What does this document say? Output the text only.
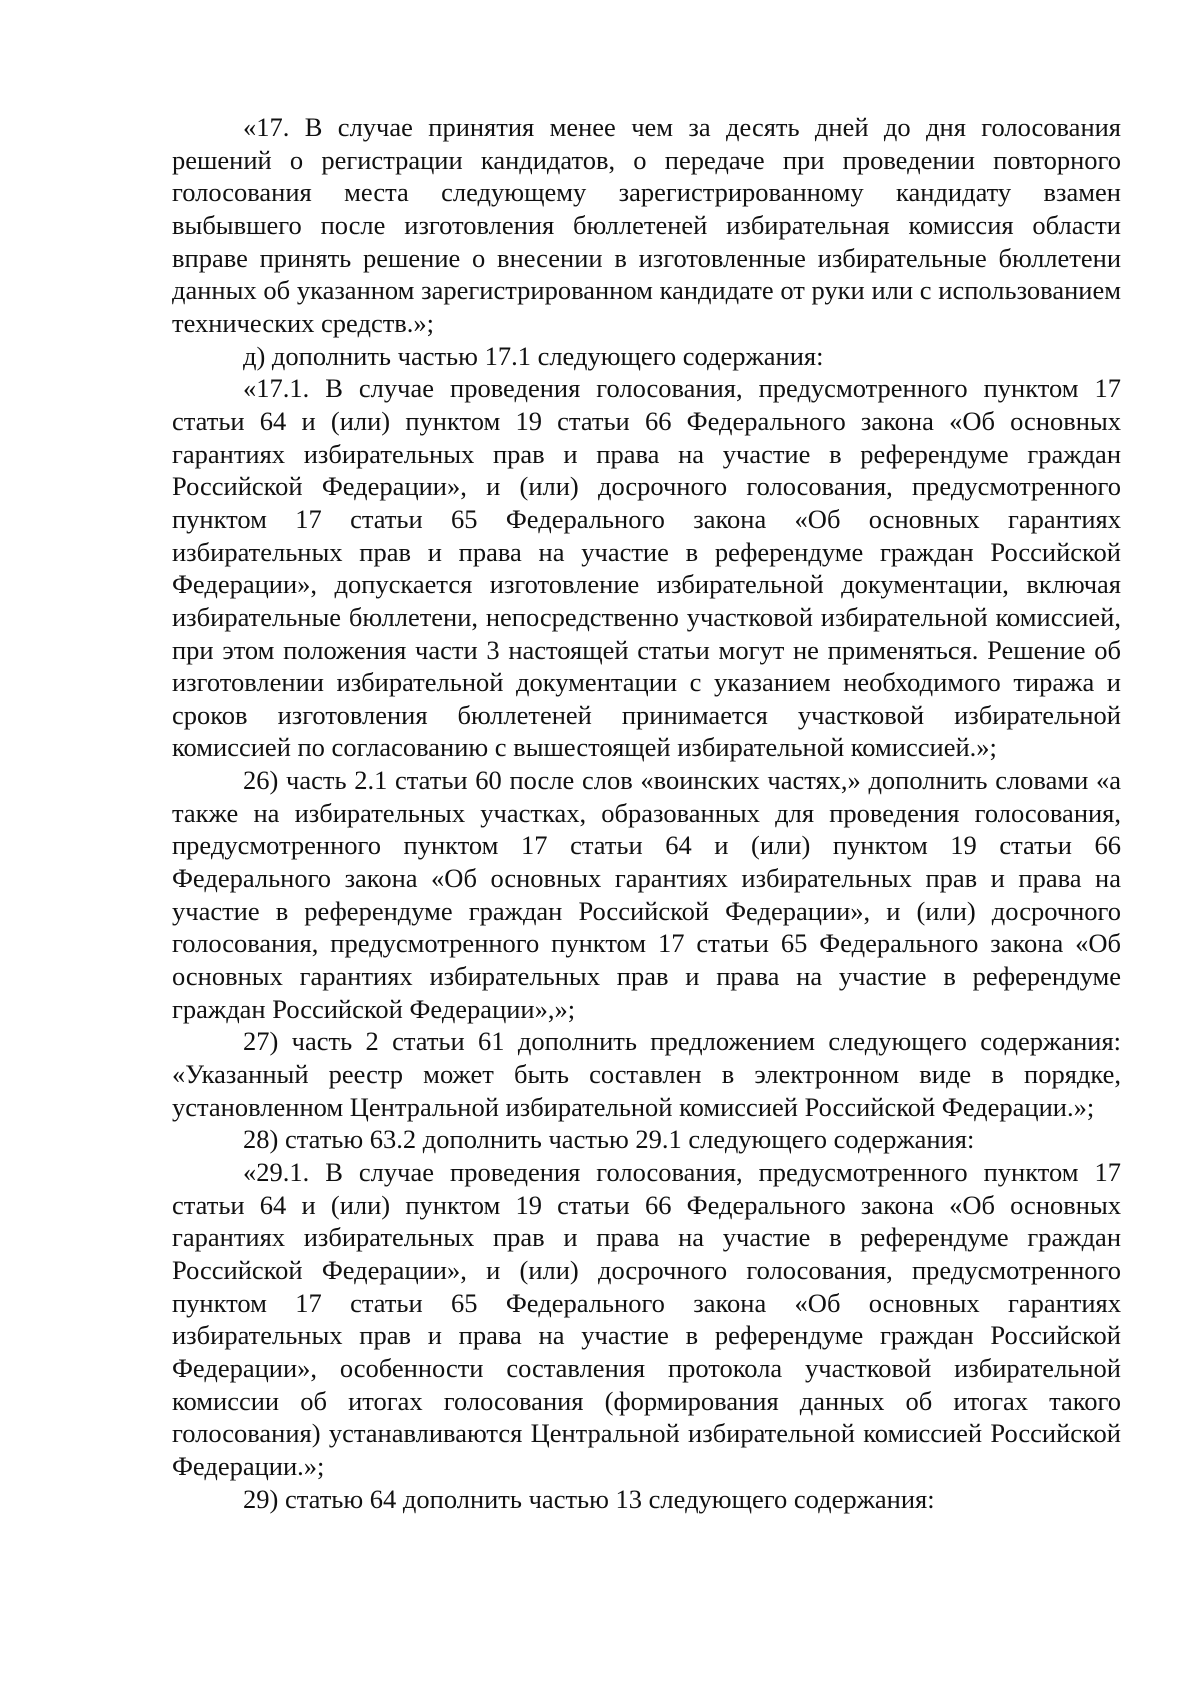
«17. В случае принятия менее чем за десять дней до дня голосования решений о регистрации кандидатов, о передаче при проведении повторного голосования места следующему зарегистрированному кандидату взамен выбывшего после изготовления бюллетеней избирательная комиссия области вправе принять решение о внесении в изготовленные избирательные бюллетени данных об указанном зарегистрированном кандидате от руки или с использованием технических средств.»;

д) дополнить частью 17.1 следующего содержания:

«17.1. В случае проведения голосования, предусмотренного пунктом 17 статьи 64 и (или) пунктом 19 статьи 66 Федерального закона «Об основных гарантиях избирательных прав и права на участие в референдуме граждан Российской Федерации», и (или) досрочного голосования, предусмотренного пунктом 17 статьи 65 Федерального закона «Об основных гарантиях избирательных прав и права на участие в референдуме граждан Российской Федерации», допускается изготовление избирательной документации, включая избирательные бюллетени, непосредственно участковой избирательной комиссией, при этом положения части 3 настоящей статьи могут не применяться. Решение об изготовлении избирательной документации с указанием необходимого тиража и сроков изготовления бюллетеней принимается участковой избирательной комиссией по согласованию с вышестоящей избирательной комиссией.»;

26) часть 2.1 статьи 60 после слов «воинских частях,» дополнить словами «а также на избирательных участках, образованных для проведения голосования, предусмотренного пунктом 17 статьи 64 и (или) пунктом 19 статьи 66 Федерального закона «Об основных гарантиях избирательных прав и права на участие в референдуме граждан Российской Федерации», и (или) досрочного голосования, предусмотренного пунктом 17 статьи 65 Федерального закона «Об основных гарантиях избирательных прав и права на участие в референдуме граждан Российской Федерации»,»;

27) часть 2 статьи 61 дополнить предложением следующего содержания: «Указанный реестр может быть составлен в электронном виде в порядке, установленном Центральной избирательной комиссией Российской Федерации.»;

28) статью 63.2 дополнить частью 29.1 следующего содержания:

«29.1. В случае проведения голосования, предусмотренного пунктом 17 статьи 64 и (или) пунктом 19 статьи 66 Федерального закона «Об основных гарантиях избирательных прав и права на участие в референдуме граждан Российской Федерации», и (или) досрочного голосования, предусмотренного пунктом 17 статьи 65 Федерального закона «Об основных гарантиях избирательных прав и права на участие в референдуме граждан Российской Федерации», особенности составления протокола участковой избирательной комиссии об итогах голосования (формирования данных об итогах такого голосования) устанавливаются Центральной избирательной комиссией Российской Федерации.»;

29) статью 64 дополнить частью 13 следующего содержания:
